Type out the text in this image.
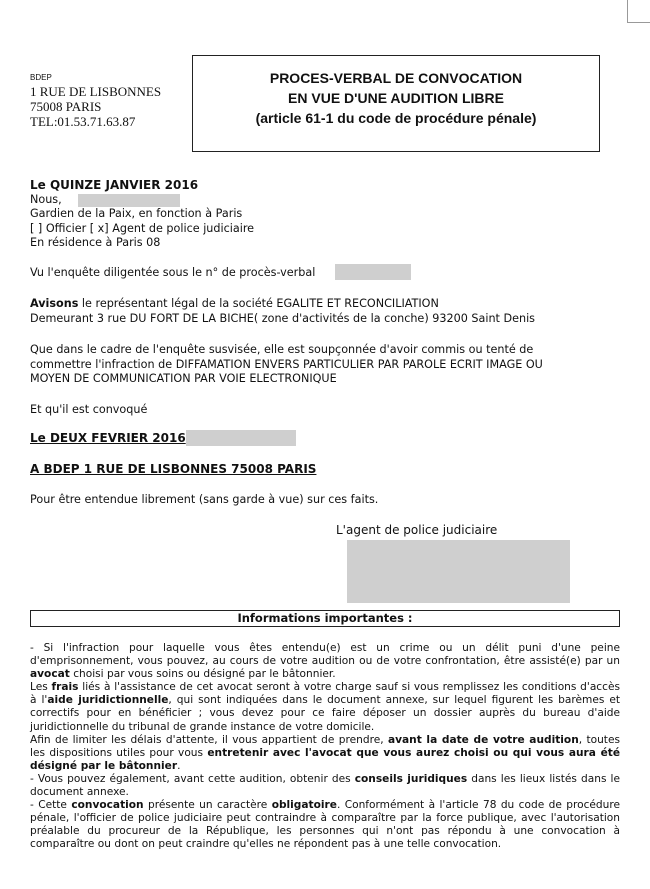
BDEP
1 RUE DE LISBONNES
75008 PARIS
TEL:01.53.71.63.87
PROCES-VERBAL DE CONVOCATION
EN VUE D'UNE AUDITION LIBRE
(article 61-1 du code de procédure pénale)
Le QUINZE JANVIER 2016
Nous,
Gardien de la Paix, en fonction à Paris
[ ] Officier [ x] Agent de police judiciaire
En résidence à Paris 08
Vu l'enquête diligentée sous le n° de procès-verbal
Avisons le représentant légal de la société EGALITE ET RECONCILIATION
Demeurant 3 rue DU FORT DE LA BICHE( zone d'activités de la conche) 93200 Saint Denis
Que dans le cadre de l'enquête susvisée, elle est soupçonnée d'avoir commis ou tenté de
commettre l'infraction de DIFFAMATION ENVERS PARTICULIER PAR PAROLE ECRIT IMAGE OU
MOYEN DE COMMUNICATION PAR VOIE ELECTRONIQUE
Et qu'il est convoqué
Le DEUX FEVRIER 2016
A BDEP 1 RUE DE LISBONNES 75008 PARIS
Pour être entendue librement (sans garde à vue) sur ces faits.
L'agent de police judiciaire
Informations importantes :

- Si l'infraction pour laquelle vous êtes entendu(e) est un crime ou un délit puni d'une peine d'emprisonnement, vous pouvez, au cours de votre audition ou de votre confrontation, être assisté(e) par un avocat choisi par vous soins ou désigné par le bâtonnier.

Les frais liés à l'assistance de cet avocat seront à votre charge sauf si vous remplissez les conditions d'accès à l'aide juridictionnelle, qui sont indiquées dans le document annexe, sur lequel figurent les barèmes et correctifs pour en bénéficier ; vous devez pour ce faire déposer un dossier auprès du bureau d'aide juridictionnelle du tribunal de grande instance de votre domicile.

Afin de limiter les délais d'attente, il vous appartient de prendre, avant la date de votre audition, toutes les dispositions utiles pour vous entretenir avec l'avocat que vous aurez choisi ou qui vous aura été désigné par le bâtonnier.

- Vous pouvez également, avant cette audition, obtenir des conseils juridiques dans les lieux listés dans le document annexe.

- Cette convocation présente un caractère obligatoire. Conformément à l'article 78 du code de procédure pénale, l'officier de police judiciaire peut contraindre à comparaître par la force publique, avec l'autorisation préalable du procureur de la République, les personnes qui n'ont pas répondu à une convocation à comparaître ou dont on peut craindre qu'elles ne répondent pas à une telle convocation.
